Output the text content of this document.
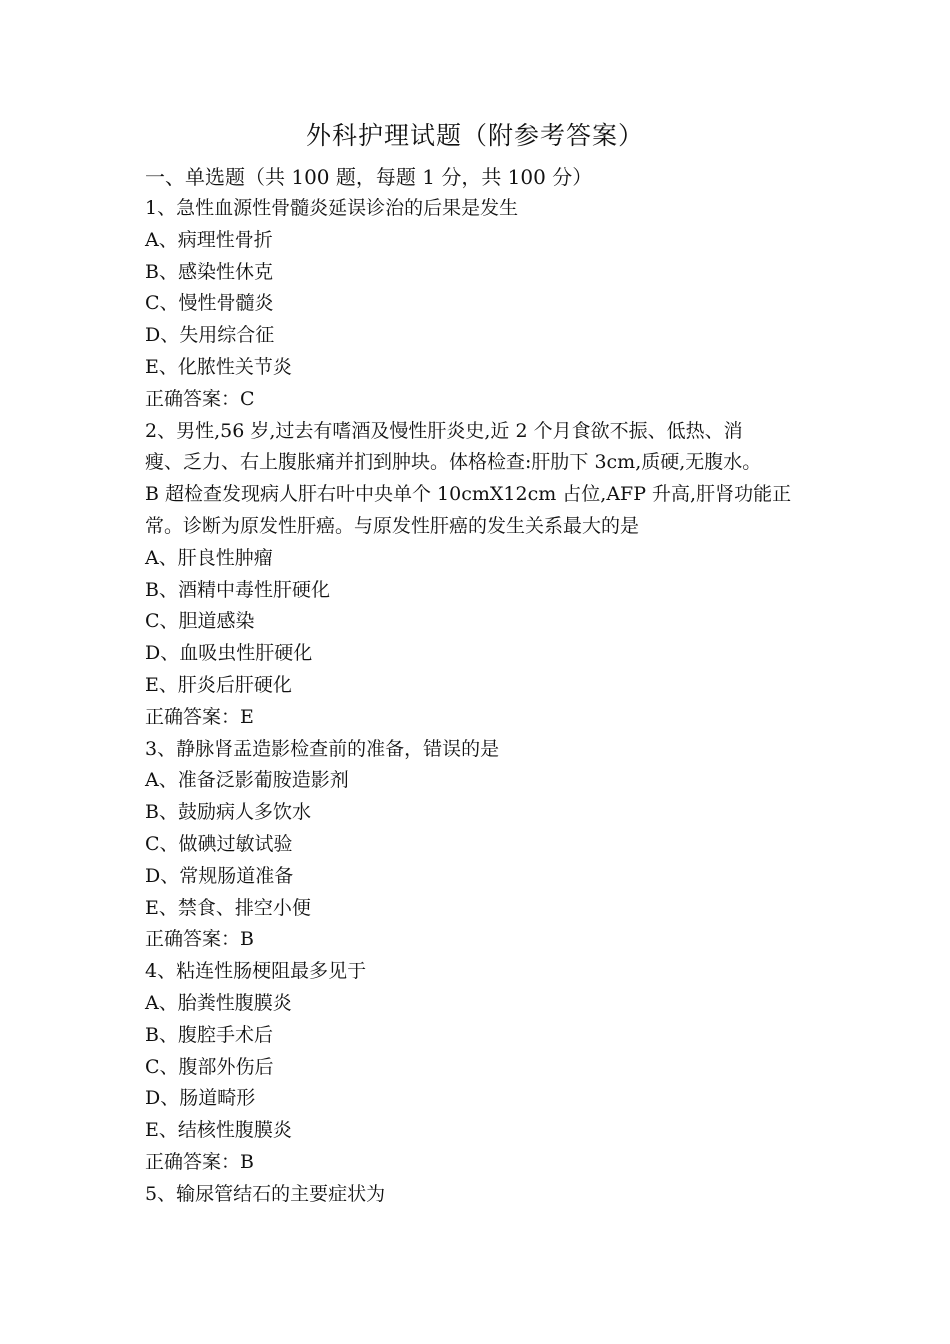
外科护理试题（附参考答案）
一、单选题（共 100 题，每题 1 分，共 100 分）
1、急性血源性骨髓炎延误诊治的后果是发生
A、病理性骨折
B、感染性休克
C、慢性骨髓炎
D、失用综合征
E、化脓性关节炎
正确答案：C
2、男性,56 岁,过去有嗜酒及慢性肝炎史,近 2 个月食欲不振、低热、消
瘦、乏力、右上腹胀痛并扪到肿块。体格检查:肝肋下 3cm,质硬,无腹水。
B 超检查发现病人肝右叶中央单个 10cmX12cm 占位,AFP 升高,肝肾功能正
常。诊断为原发性肝癌。与原发性肝癌的发生关系最大的是
A、肝良性肿瘤
B、酒精中毒性肝硬化
C、胆道感染
D、血吸虫性肝硬化
E、肝炎后肝硬化
正确答案：E
3、静脉肾盂造影检查前的准备，错误的是
A、准备泛影葡胺造影剂
B、鼓励病人多饮水
C、做碘过敏试验
D、常规肠道准备
E、禁食、排空小便
正确答案：B
4、粘连性肠梗阻最多见于
A、胎粪性腹膜炎
B、腹腔手术后
C、腹部外伤后
D、肠道畸形
E、结核性腹膜炎
正确答案：B
5、输尿管结石的主要症状为
